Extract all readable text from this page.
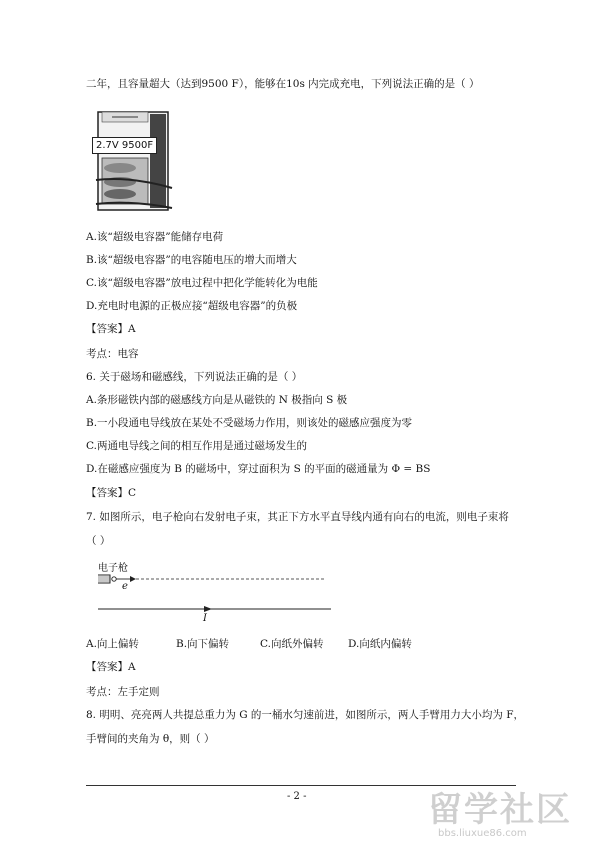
二年，且容量超大（达到9500 F），能够在10s 内完成充电，下列说法正确的是（ ）
2.7V 9500F
A.该“超级电容器”能储存电荷
B.该“超级电容器”的电容随电压的增大而增大
C.该“超级电容器”放电过程中把化学能转化为电能
D.充电时电源的正极应接“超级电容器”的负极
【答案】A
考点：电容
6. 关于磁场和磁感线，下列说法正确的是（ ）
A.条形磁铁内部的磁感线方向是从磁铁的 N 极指向 S 极
B.一小段通电导线放在某处不受磁场力作用，则该处的磁感应强度为零
C.两通电导线之间的相互作用是通过磁场发生的
D.在磁感应强度为 B 的磁场中，穿过面积为 S 的平面的磁通量为 Φ = BS
【答案】C
7. 如图所示，电子枪向右发射电子束，其正下方水平直导线内通有向右的电流，则电子束将
（ ）
电子枪
e
I
A.向上偏转	B.向下偏转	C.向纸外偏转 D.向纸内偏转
【答案】A
考点：左手定则
8. 明明、亮亮两人共提总重力为 G 的一桶水匀速前进，如图所示，两人手臂用力大小均为 F，
手臂间的夹角为 θ，则（ ）
- 2 -	留学社区
bbs.liuxue86.com
